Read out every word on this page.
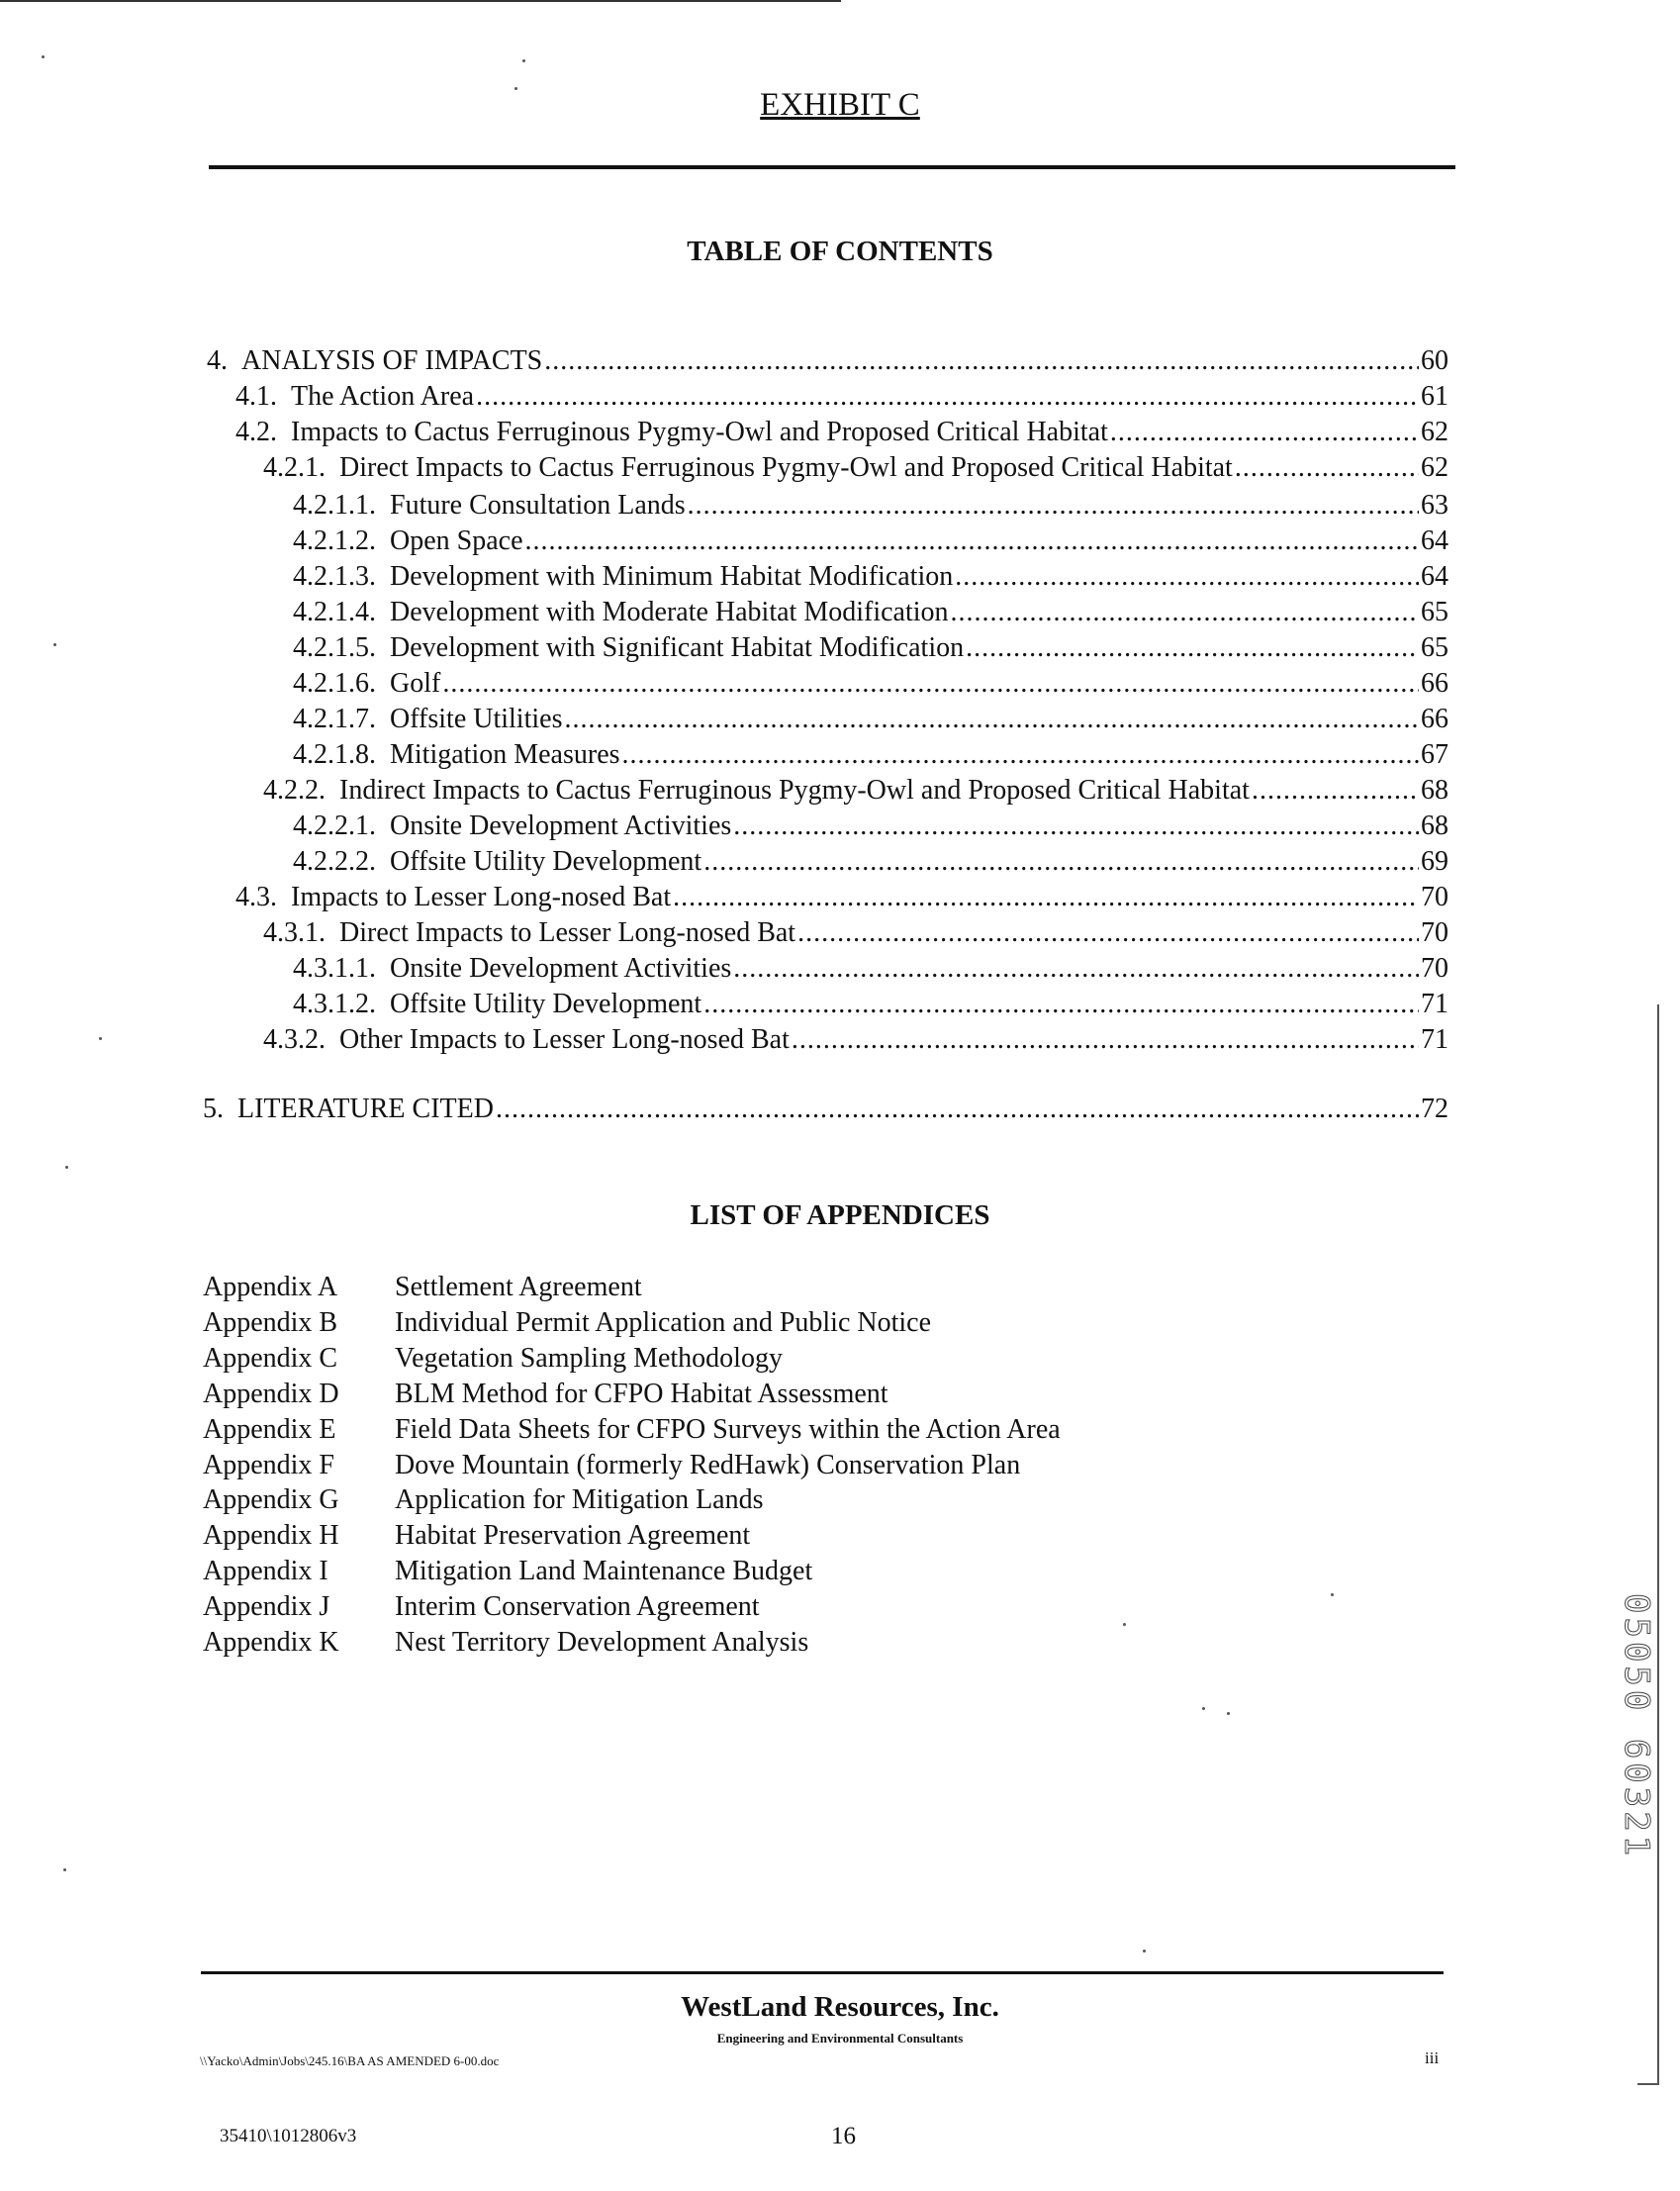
EXHIBIT C
TABLE OF CONTENTS
4. ANALYSIS OF IMPACTS .....	60
4.1. The Action Area .....	61
4.2. Impacts to Cactus Ferruginous Pygmy-Owl and Proposed Critical Habitat .....	62
4.2.1. Direct Impacts to Cactus Ferruginous Pygmy-Owl and Proposed Critical Habitat .....	62
4.2.1.1. Future Consultation Lands .....	63
4.2.1.2. Open Space .....	64
4.2.1.3. Development with Minimum Habitat Modification .....	64
4.2.1.4. Development with Moderate Habitat Modification .....	65
4.2.1.5. Development with Significant Habitat Modification .....	65
4.2.1.6. Golf .....	66
4.2.1.7. Offsite Utilities .....	66
4.2.1.8. Mitigation Measures .....	67
4.2.2. Indirect Impacts to Cactus Ferruginous Pygmy-Owl and Proposed Critical Habitat .....	68
4.2.2.1. Onsite Development Activities .....	68
4.2.2.2. Offsite Utility Development .....	69
4.3. Impacts to Lesser Long-nosed Bat .....	70
4.3.1. Direct Impacts to Lesser Long-nosed Bat .....	70
4.3.1.1. Onsite Development Activities .....	70
4.3.1.2. Offsite Utility Development .....	71
4.3.2. Other Impacts to Lesser Long-nosed Bat .....	71
5. LITERATURE CITED .....	72
LIST OF APPENDICES
Appendix A Settlement Agreement
Appendix B Individual Permit Application and Public Notice
Appendix C Vegetation Sampling Methodology
Appendix D BLM Method for CFPO Habitat Assessment
Appendix E Field Data Sheets for CFPO Surveys within the Action Area
Appendix F Dove Mountain (formerly RedHawk) Conservation Plan
Appendix G Application for Mitigation Lands
Appendix H Habitat Preservation Agreement
Appendix I Mitigation Land Maintenance Budget
Appendix J Interim Conservation Agreement
Appendix K Nest Territory Development Analysis
WestLand Resources, Inc.
Engineering and Environmental Consultants
\\Yacko\Admin\Jobs\245.16\BA AS AMENDED 6-00.doc	iii
35410\1012806v3	16
05050 60321
